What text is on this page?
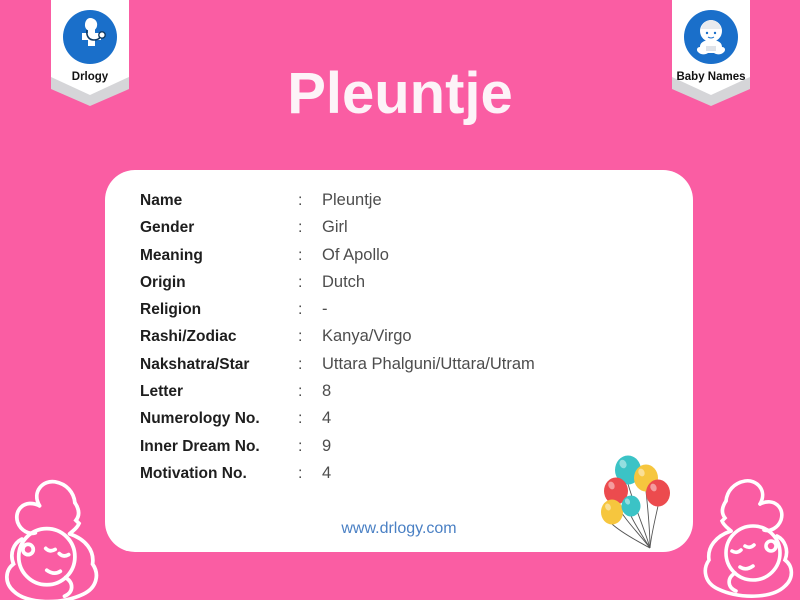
Drlogy	Baby Names
Pleuntje
Name	:	Pleuntje
Gender	:	Girl
Meaning	:	Of Apollo
Origin	:	Dutch
Religion	:	-
Rashi/Zodiac	:	Kanya/Virgo
Nakshatra/Star	:	Uttara Phalguni/Uttara/Utram
Letter	:	8
Numerology No.	:	4
Inner Dream No.	:	9
Motivation No.	:	4
www.drlogy.com
